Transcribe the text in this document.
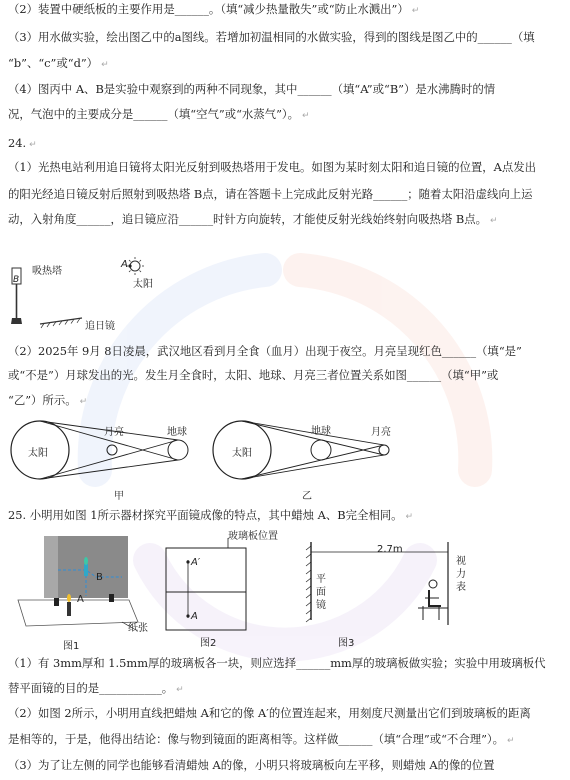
（2）装置中硬纸板的主要作用是______。（填“减少热量散失”或“防止水溅出”） ↵
（3）用水做实验，绘出图乙中的a图线。若增加初温相同的水做实验，得到的图线是图乙中的______（填
“b”、“c”或“d”） ↵
（4）图丙中 A、B是实验中观察到的两种不同现象，其中______（填“A”或“B”）是水沸腾时的情
况，气泡中的主要成分是______（填“空气”或“水蒸气”）。 ↵
24. ↵
（1）光热电站利用追日镜将太阳光反射到吸热塔用于发电。如图为某时刻太阳和追日镜的位置，A点发出
的阳光经追日镜反射后照射到吸热塔 B点，请在答题卡上完成此反射光路______；随着太阳沿虚线向上运
动，入射角度______，追日镜应沿______时针方向旋转，才能使反射光线始终射向吸热塔 B点。 ↵
吸热塔
B
A
太阳
追日镜
（2）2025年 9月 8日凌晨，武汉地区看到月全食（血月）出现于夜空。月亮呈现红色______（填“是”
或“不是”）月球发出的光。发生月全食时，太阳、地球、月亮三者位置关系如图______（填“甲”或
“乙”）所示。 ↵
太阳
月亮	地球
甲
太阳
地球	月亮
乙
25. 小明用如图 1所示器材探究平面镜成像的特点，其中蜡烛 A、B完全相同。 ↵
B
A
纸张
图1
玻璃板位置
A′
A
图2
2.7m
平面镜
视力表
图3
（1）有 3mm厚和 1.5mm厚的玻璃板各一块，则应选择______mm厚的玻璃板做实验；实验中用玻璃板代
替平面镜的目的是___________。 ↵
（2）如图 2所示，小明用直线把蜡烛 A和它的像 A′的位置连起来，用刻度尺测量出它们到玻璃板的距离
是相等的，于是，他得出结论：像与物到镜面的距离相等。这样做______（填“合理”或“不合理”）。 ↵
（3）为了让左侧的同学也能够看清蜡烛 A的像，小明只将玻璃板向左平移，则蜡烛 A的像的位置
